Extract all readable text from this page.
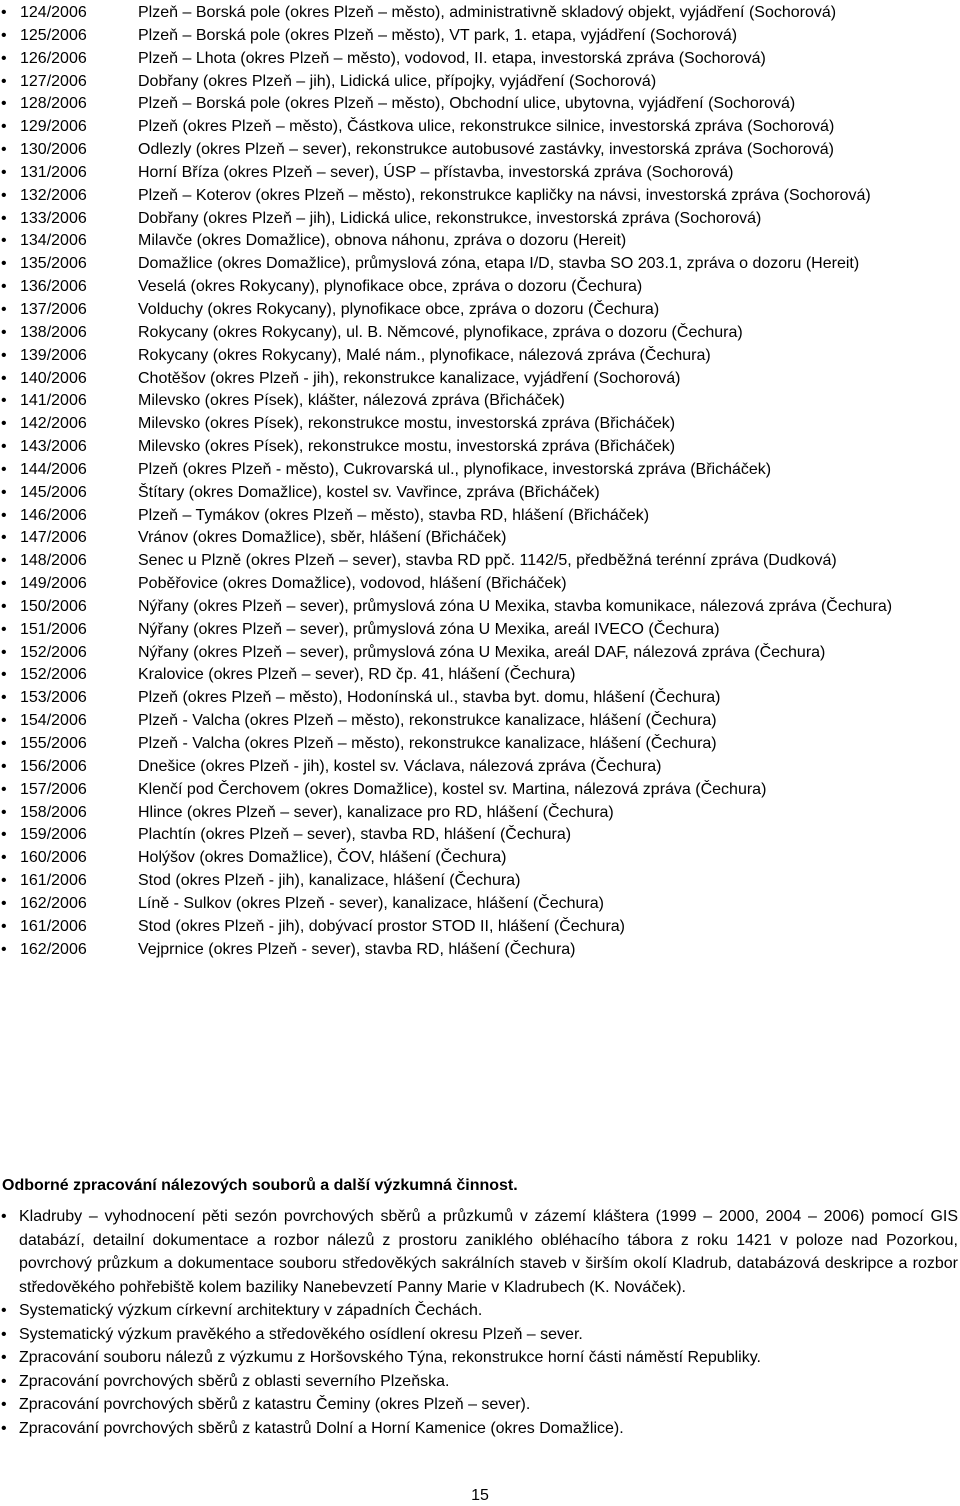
• 124/2006	Plzeň – Borská pole (okres Plzeň – město), administrativně skladový objekt, vyjádření (Sochorová)
• 125/2006	Plzeň – Borská pole (okres Plzeň – město), VT park, 1. etapa, vyjádření (Sochorová)
• 126/2006	Plzeň – Lhota (okres Plzeň – město), vodovod, II. etapa, investorská zpráva (Sochorová)
• 127/2006	Dobřany (okres Plzeň – jih), Lidická ulice, přípojky, vyjádření (Sochorová)
• 128/2006	Plzeň – Borská pole (okres Plzeň – město), Obchodní ulice, ubytovna, vyjádření (Sochorová)
• 129/2006	Plzeň (okres Plzeň – město), Částkova ulice, rekonstrukce silnice, investorská zpráva (Sochorová)
• 130/2006	Odlezly (okres Plzeň – sever), rekonstrukce autobusové zastávky, investorská zpráva (Sochorová)
• 131/2006	Horní Bříza (okres Plzeň – sever), ÚSP – přístavba, investorská zpráva (Sochorová)
• 132/2006	Plzeň – Koterov (okres Plzeň – město), rekonstrukce kapličky na návsi, investorská zpráva (Sochorová)
• 133/2006	Dobřany (okres Plzeň – jih), Lidická ulice, rekonstrukce, investorská zpráva (Sochorová)
• 134/2006	Milavče (okres Domažlice), obnova náhonu, zpráva o dozoru (Hereit)
• 135/2006	Domažlice (okres Domažlice), průmyslová zóna, etapa I/D, stavba SO 203.1, zpráva o dozoru (Hereit)
• 136/2006	Veselá (okres Rokycany), plynofikace obce, zpráva o dozoru (Čechura)
• 137/2006	Volduchy (okres Rokycany), plynofikace obce, zpráva o dozoru (Čechura)
• 138/2006	Rokycany (okres Rokycany), ul. B. Němcové, plynofikace, zpráva o dozoru (Čechura)
• 139/2006	Rokycany (okres Rokycany), Malé nám., plynofikace, nálezová zpráva (Čechura)
• 140/2006	Chotěšov (okres Plzeň - jih), rekonstrukce kanalizace, vyjádření (Sochorová)
• 141/2006	Milevsko (okres Písek), klášter, nálezová zpráva (Břicháček)
• 142/2006	Milevsko (okres Písek), rekonstrukce mostu, investorská zpráva (Břicháček)
• 143/2006	Milevsko (okres Písek), rekonstrukce mostu, investorská zpráva (Břicháček)
• 144/2006	Plzeň (okres Plzeň - město), Cukrovarská ul., plynofikace, investorská zpráva (Břicháček)
• 145/2006	Štítary (okres Domažlice), kostel sv. Vavřince, zpráva (Břicháček)
• 146/2006	Plzeň – Tymákov (okres Plzeň – město), stavba RD, hlášení (Břicháček)
• 147/2006	Vránov (okres Domažlice), sběr, hlášení (Břicháček)
• 148/2006	Senec u Plzně (okres Plzeň – sever), stavba RD ppč. 1142/5, předběžná terénní zpráva (Dudková)
• 149/2006	Poběřovice (okres Domažlice), vodovod, hlášení (Břicháček)
• 150/2006	Nýřany (okres Plzeň – sever), průmyslová zóna U Mexika, stavba komunikace, nálezová zpráva (Čechura)
• 151/2006	Nýřany (okres Plzeň – sever), průmyslová zóna U Mexika, areál IVECO (Čechura)
• 152/2006	Nýřany (okres Plzeň – sever), průmyslová zóna U Mexika, areál DAF, nálezová zpráva (Čechura)
• 152/2006	Kralovice (okres Plzeň – sever), RD čp. 41, hlášení (Čechura)
• 153/2006	Plzeň (okres Plzeň – město), Hodonínská ul., stavba byt. domu, hlášení (Čechura)
• 154/2006	Plzeň - Valcha (okres Plzeň – město), rekonstrukce kanalizace, hlášení (Čechura)
• 155/2006	Plzeň - Valcha (okres Plzeň – město), rekonstrukce kanalizace, hlášení (Čechura)
• 156/2006	Dnešice (okres Plzeň - jih), kostel sv. Václava, nálezová zpráva (Čechura)
• 157/2006	Klenčí pod Čerchovem (okres Domažlice), kostel sv. Martina, nálezová zpráva (Čechura)
• 158/2006	Hlince (okres Plzeň – sever), kanalizace pro RD, hlášení (Čechura)
• 159/2006	Plachtín (okres Plzeň – sever), stavba RD, hlášení (Čechura)
• 160/2006	Holýšov (okres Domažlice), ČOV, hlášení (Čechura)
• 161/2006	Stod (okres Plzeň - jih), kanalizace, hlášení (Čechura)
• 162/2006	Líně - Sulkov (okres Plzeň - sever), kanalizace, hlášení (Čechura)
• 161/2006	Stod (okres Plzeň - jih), dobývací prostor STOD II, hlášení (Čechura)
• 162/2006	Vejprnice (okres Plzeň - sever), stavba RD, hlášení (Čechura)
Odborné zpracování nálezových souborů a další výzkumná činnost.
• Kladruby – vyhodnocení pěti sezón povrchových sběrů a průzkumů v zázemí kláštera (1999 – 2000, 2004 – 2006) pomocí GIS databází, detailní dokumentace a rozbor nálezů z prostoru zaniklého obléhacího tábora z roku 1421 v poloze nad Pozorkou, povrchový průzkum a dokumentace souboru středověkých sakrálních staveb v širším okolí Kladrub, databázová deskripce a rozbor středověkého pohřebiště kolem baziliky Nanebevzetí Panny Marie v Kladrubech (K. Nováček).
• Systematický výzkum církevní architektury v západních Čechách.
• Systematický výzkum pravěkého a středověkého osídlení okresu Plzeň – sever.
• Zpracování souboru nálezů z výzkumu z Horšovského Týna, rekonstrukce horní části náměstí Republiky.
• Zpracování povrchových sběrů z oblasti severního Plzeňska.
• Zpracování povrchových sběrů z katastru Čeminy (okres Plzeň – sever).
• Zpracování povrchových sběrů z katastrů Dolní a Horní Kamenice (okres Domažlice).
15
